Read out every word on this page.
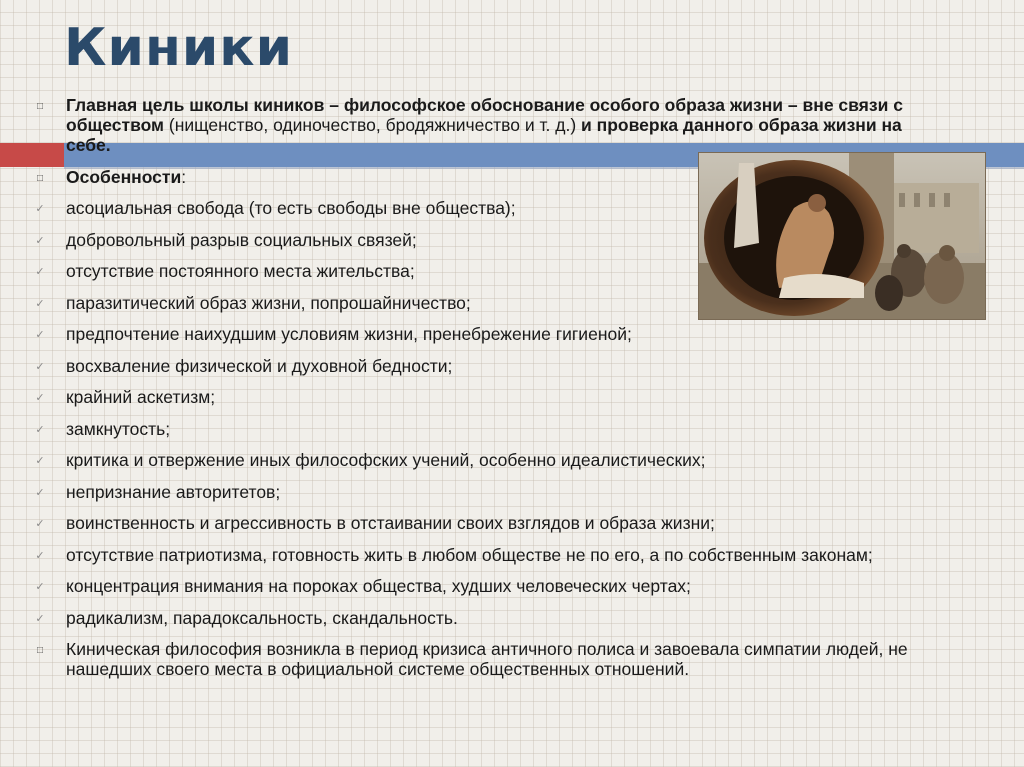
Киники
□	Главная цель школы киников – философское обоснование особого образа жизни – вне связи с обществом (нищенство, одиночество, бродяжничество и т. д.) и проверка данного образа жизни на себе.
□	Особенности:
✓	асоциальная свобода (то есть свободы вне общества);
✓	добровольный разрыв социальных связей;
✓	отсутствие постоянного места жительства;
✓	паразитический образ жизни, попрошайничество;
✓	предпочтение наихудшим условиям жизни, пренебрежение гигиеной;
✓	восхваление физической и духовной бедности;
✓	крайний аскетизм;
✓	замкнутость;
✓	критика и отвержение иных философских учений, особенно идеалистических;
✓	непризнание авторитетов;
✓	воинственность и агрессивность в отстаивании своих взглядов и образа жизни;
✓	отсутствие патриотизма, готовность жить в любом обществе не по его, а по собственным законам;
✓	концентрация внимания на пороках общества, худших человеческих чертах;
✓	радикализм, парадоксальность, скандальность.
□	Киническая философия возникла в период кризиса античного полиса и завоевала симпатии людей, не нашедших своего места в официальной системе общественных отношений.
